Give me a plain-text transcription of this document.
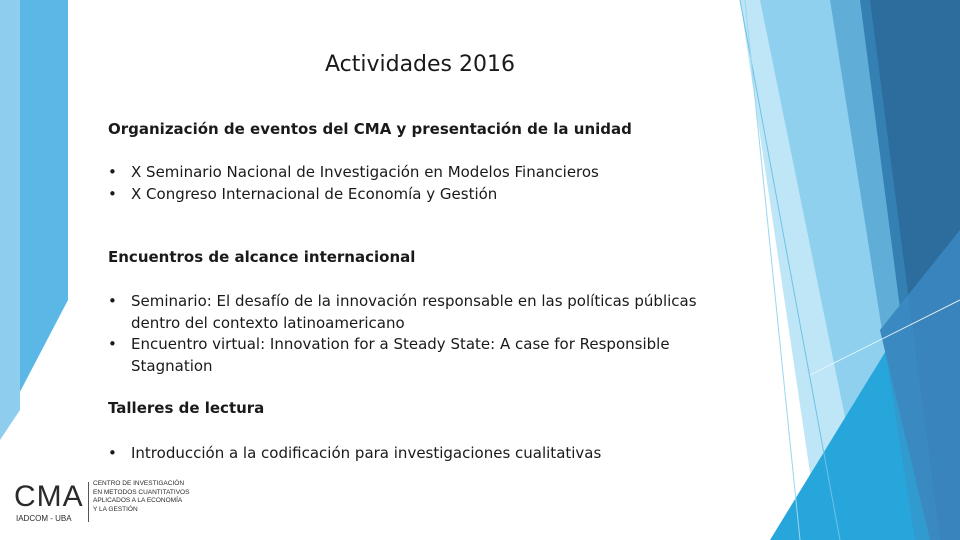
Actividades 2016
Organización de eventos del CMA y presentación de la unidad
• X Seminario Nacional de Investigación en Modelos Financieros
• X Congreso Internacional de Economía y Gestión
Encuentros de alcance internacional
• Seminario: El desafío de la innovación responsable en las políticas públicas dentro del contexto latinoamericano
• Encuentro virtual: Innovation for a Steady State: A case for Responsible Stagnation
Talleres de lectura
• Introducción a la codificación para investigaciones cualitativas
CMA
IADCOM - UBA
CENTRO DE INVESTIGACIÓN
EN METODOS CUANTITATIVOS
APLICADOS A LA ECONOMÍA
Y LA GESTIÓN
